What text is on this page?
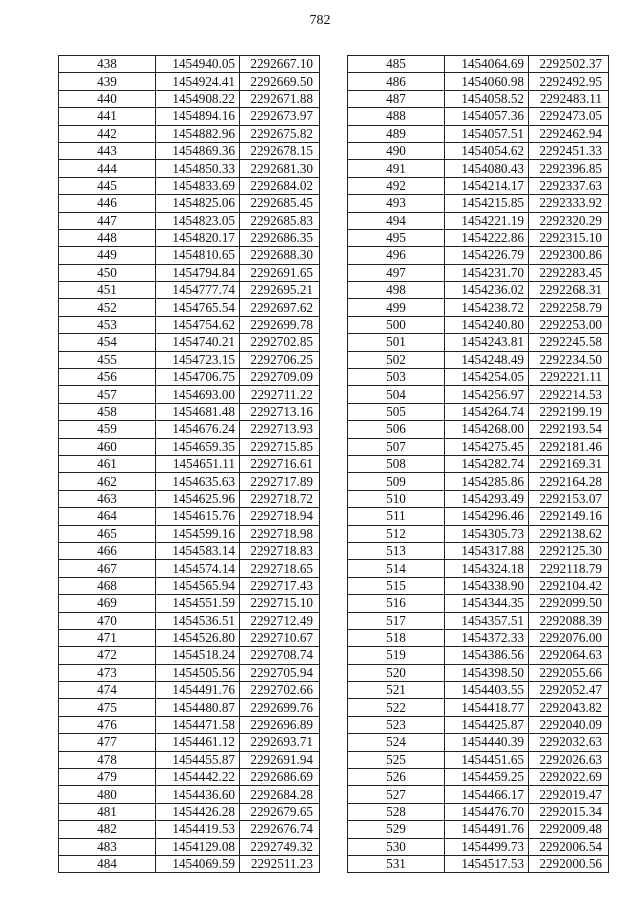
782
438	1454940.05	2292667.10
439	1454924.41	2292669.50
440	1454908.22	2292671.88
441	1454894.16	2292673.97
442	1454882.96	2292675.82
443	1454869.36	2292678.15
444	1454850.33	2292681.30
445	1454833.69	2292684.02
446	1454825.06	2292685.45
447	1454823.05	2292685.83
448	1454820.17	2292686.35
449	1454810.65	2292688.30
450	1454794.84	2292691.65
451	1454777.74	2292695.21
452	1454765.54	2292697.62
453	1454754.62	2292699.78
454	1454740.21	2292702.85
455	1454723.15	2292706.25
456	1454706.75	2292709.09
457	1454693.00	2292711.22
458	1454681.48	2292713.16
459	1454676.24	2292713.93
460	1454659.35	2292715.85
461	1454651.11	2292716.61
462	1454635.63	2292717.89
463	1454625.96	2292718.72
464	1454615.76	2292718.94
465	1454599.16	2292718.98
466	1454583.14	2292718.83
467	1454574.14	2292718.65
468	1454565.94	2292717.43
469	1454551.59	2292715.10
470	1454536.51	2292712.49
471	1454526.80	2292710.67
472	1454518.24	2292708.74
473	1454505.56	2292705.94
474	1454491.76	2292702.66
475	1454480.87	2292699.76
476	1454471.58	2292696.89
477	1454461.12	2292693.71
478	1454455.87	2292691.94
479	1454442.22	2292686.69
480	1454436.60	2292684.28
481	1454426.28	2292679.65
482	1454419.53	2292676.74
483	1454129.08	2292749.32
484	1454069.59	2292511.23
485	1454064.69	2292502.37
486	1454060.98	2292492.95
487	1454058.52	2292483.11
488	1454057.36	2292473.05
489	1454057.51	2292462.94
490	1454054.62	2292451.33
491	1454080.43	2292396.85
492	1454214.17	2292337.63
493	1454215.85	2292333.92
494	1454221.19	2292320.29
495	1454222.86	2292315.10
496	1454226.79	2292300.86
497	1454231.70	2292283.45
498	1454236.02	2292268.31
499	1454238.72	2292258.79
500	1454240.80	2292253.00
501	1454243.81	2292245.58
502	1454248.49	2292234.50
503	1454254.05	2292221.11
504	1454256.97	2292214.53
505	1454264.74	2292199.19
506	1454268.00	2292193.54
507	1454275.45	2292181.46
508	1454282.74	2292169.31
509	1454285.86	2292164.28
510	1454293.49	2292153.07
511	1454296.46	2292149.16
512	1454305.73	2292138.62
513	1454317.88	2292125.30
514	1454324.18	2292118.79
515	1454338.90	2292104.42
516	1454344.35	2292099.50
517	1454357.51	2292088.39
518	1454372.33	2292076.00
519	1454386.56	2292064.63
520	1454398.50	2292055.66
521	1454403.55	2292052.47
522	1454418.77	2292043.82
523	1454425.87	2292040.09
524	1454440.39	2292032.63
525	1454451.65	2292026.63
526	1454459.25	2292022.69
527	1454466.17	2292019.47
528	1454476.70	2292015.34
529	1454491.76	2292009.48
530	1454499.73	2292006.54
531	1454517.53	2292000.56
